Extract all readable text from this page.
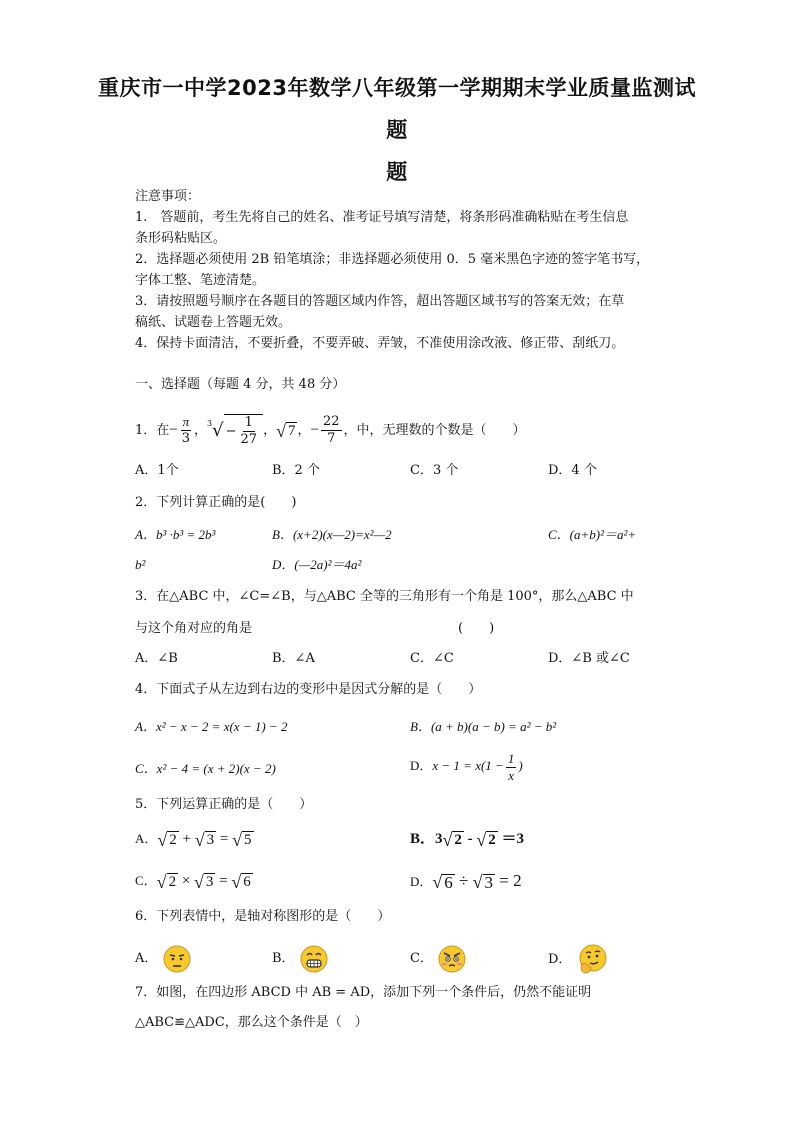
重庆市一中学2023年数学八年级第一学期期末学业质量监测试
题
题
注意事项：
1.　答题前，考生先将自己的姓名、准考证号填写清楚，将条形码准确粘贴在考生信息
条形码粘贴区。
2．选择题必须使用 2B 铅笔填涂；非选择题必须使用 0．5 毫米黑色字迹的签字笔书写，
字体工整、笔迹清楚。
3．请按照题号顺序在各题目的答题区域内作答，超出答题区域书写的答案无效；在草
稿纸、试题卷上答题无效。
4．保持卡面清洁，不要折叠，不要弄破、弄皱，不准使用涂改液、修正带、刮纸刀。
一、选择题（每题 4 分，共 48 分）
1．在− $\frac{\pi}{3}$ ，$^3$ √ − $\frac{1}{27}$ ， √ 7 ，− $\frac{22}{7}$ ，中，无理数的个数是（　　）
A．1个	B．2 个	C．3 个	D．4 个
2．下列计算正确的是(　　)
A．b³ ·b³ = 2b³	B．(x+2)(x—2)=x²—2	C．(a+b)²＝a²+
b²	D．(—2a)²＝4a²
3．在△ABC 中，∠C=∠B，与△ABC 全等的三角形有一个角是 100°，那么△ABC 中
与这个角对应的角是	(　　)
A．∠B	B．∠A	C．∠C	D．∠B 或∠C
4．下面式子从左边到右边的变形中是因式分解的是（　　）
A．x² − x − 2 = x(x − 1) − 2	B．(a + b)(a − b) = a² − b²
C．x² − 4 = (x + 2)(x − 2)	D．$x - 1 = x(1 - \frac{1}{x}$ )
5．下列运算正确的是（　　）
A． √ 2 + √ 3 = √ 5	B．3 √ 2 - √ 2 ＝3
C． √ 2 × √ 3 = √ 6	D． √ 6 ÷ √ 3 = 2
6．下列表情中，是轴对称图形的是（　　）
A．	B．	C．	D．
7．如图，在四边形 ABCD 中 AB = AD，添加下列一个条件后，仍然不能证明
△ABC≌△ADC，那么这个条件是（　）
